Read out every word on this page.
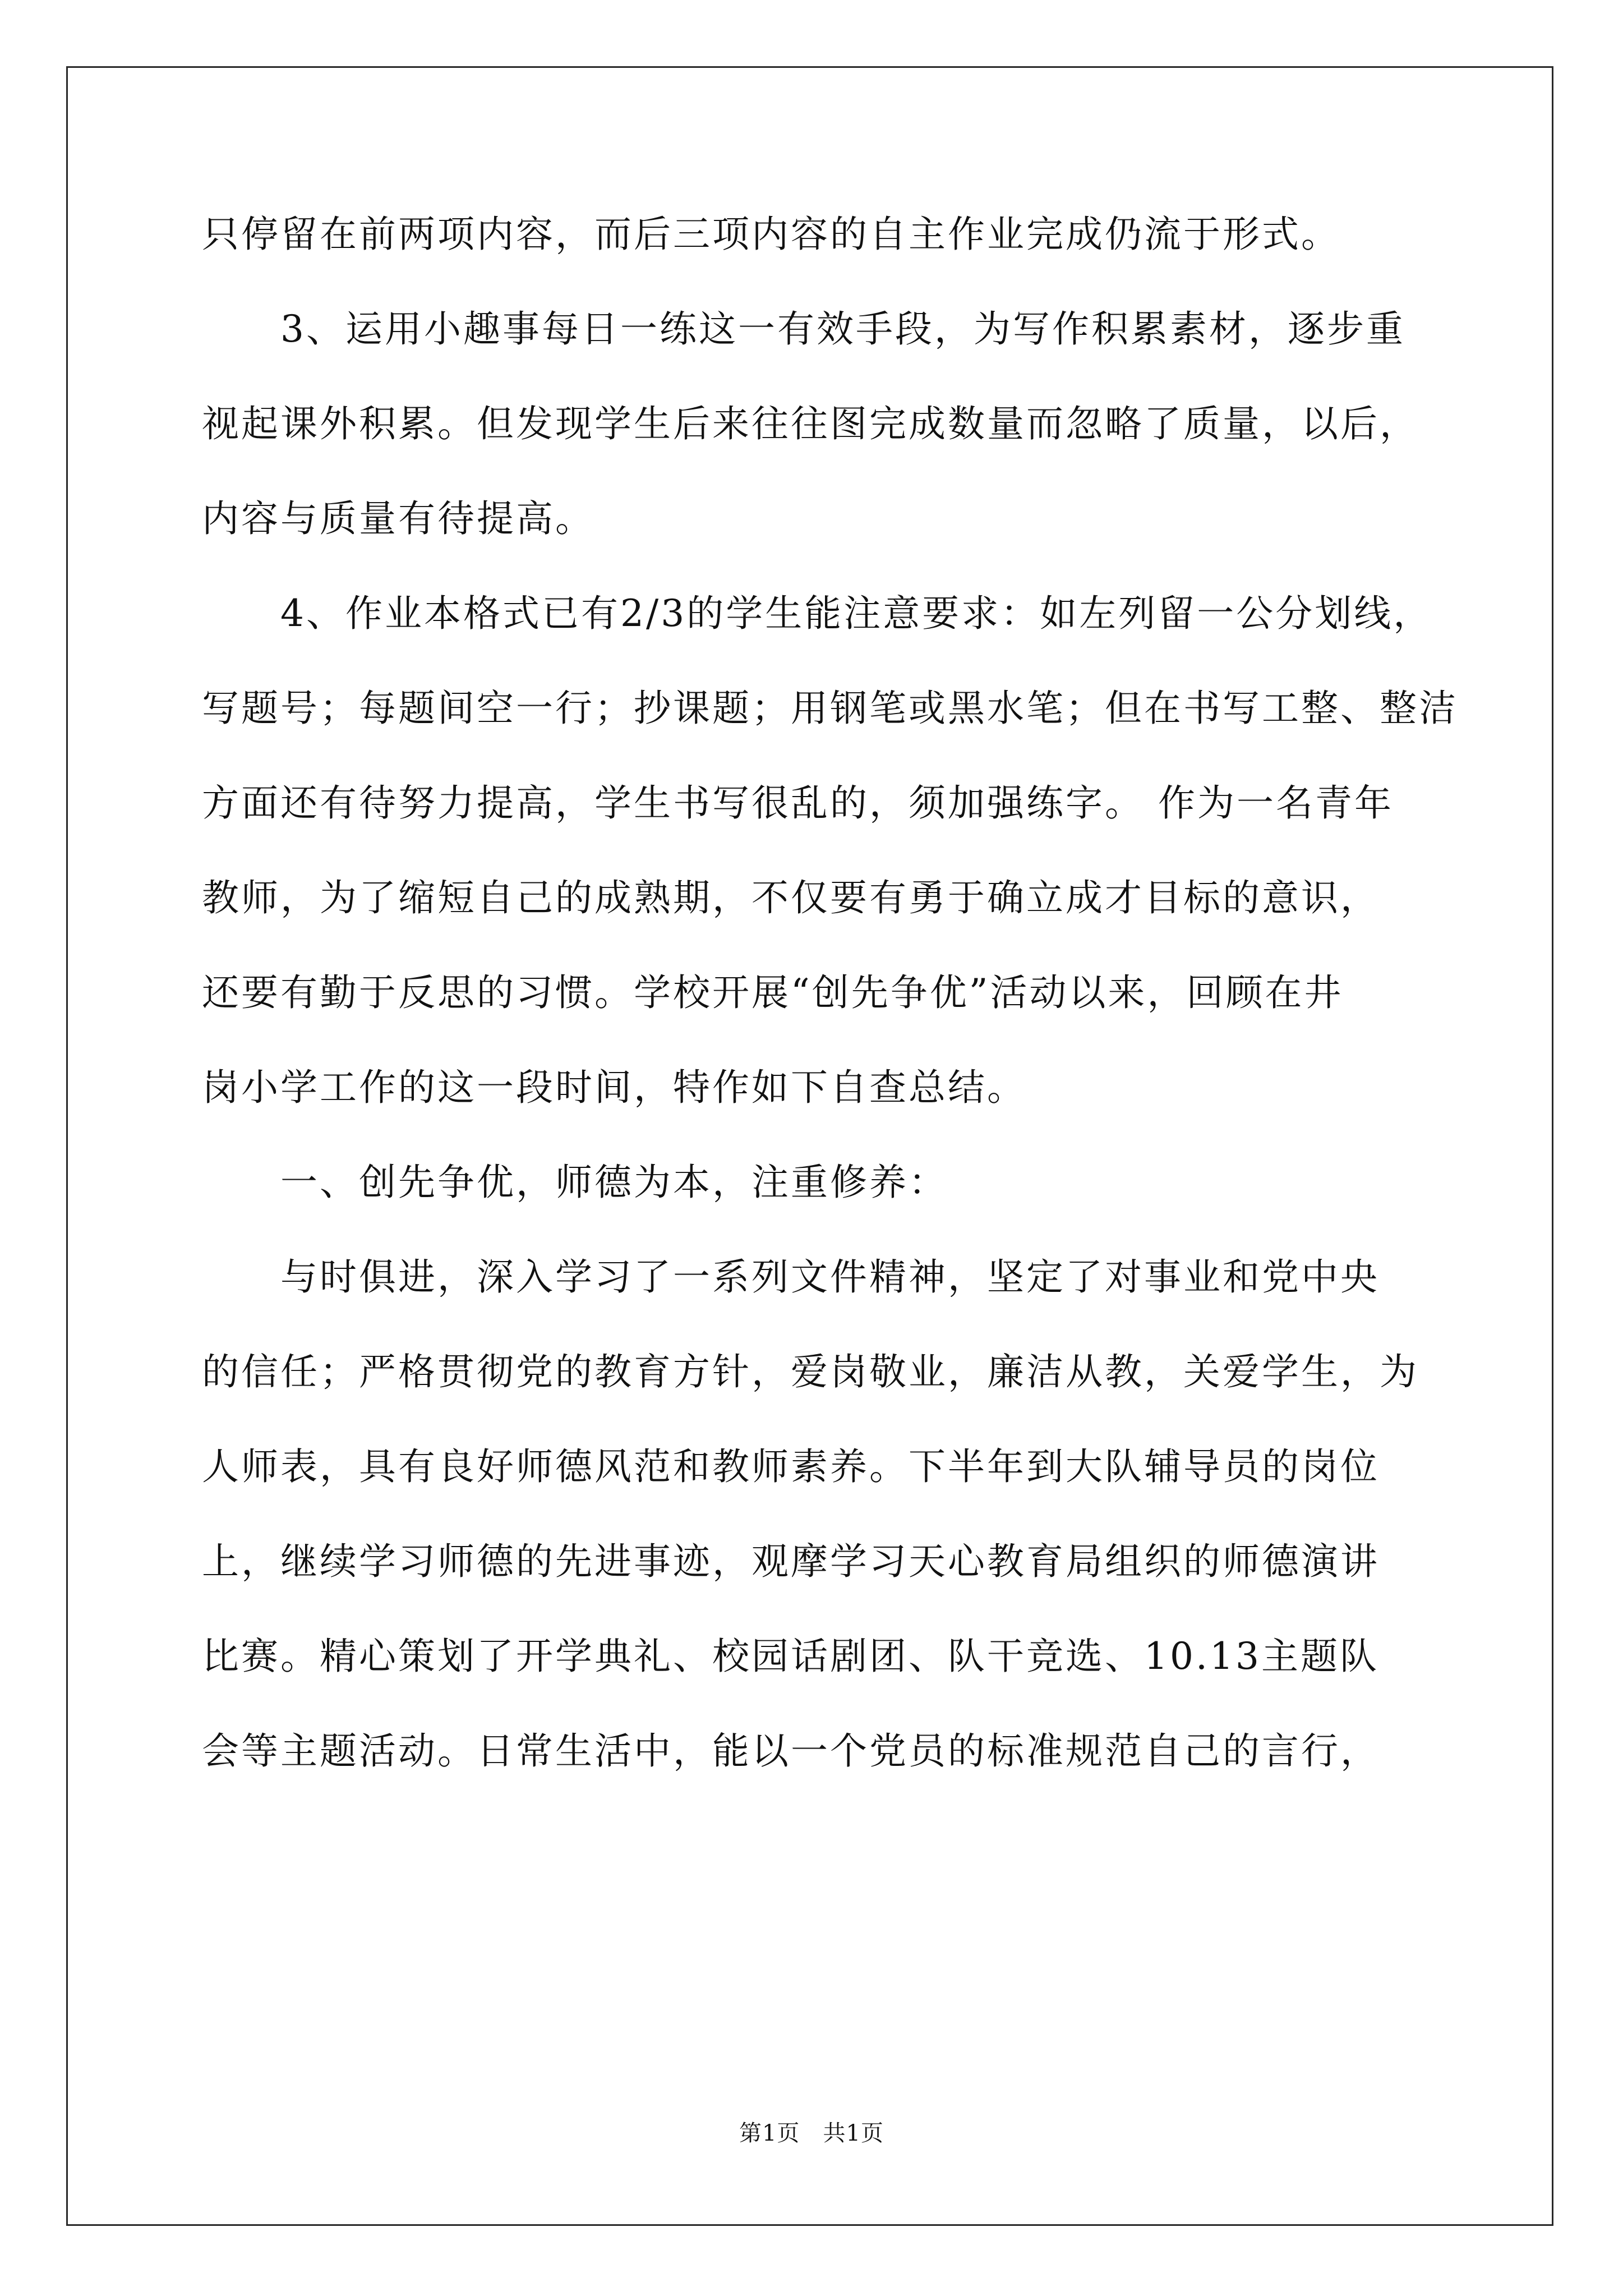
只停留在前两项内容，而后三项内容的自主作业完成仍流于形式。
3、运用小趣事每日一练这一有效手段，为写作积累素材，逐步重
视起课外积累。但发现学生后来往往图完成数量而忽略了质量，以后，
内容与质量有待提高。
4、作业本格式已有2/3的学生能注意要求：如左列留一公分划线，
写题号；每题间空一行；抄课题；用钢笔或黑水笔；但在书写工整、整洁
方面还有待努力提高，学生书写很乱的，须加强练字。 作为一名青年
教师，为了缩短自己的成熟期，不仅要有勇于确立成才目标的意识，
还要有勤于反思的习惯。学校开展“创先争优”活动以来，回顾在井
岗小学工作的这一段时间，特作如下自查总结。
一、创先争优，师德为本，注重修养：
与时俱进，深入学习了一系列文件精神，坚定了对事业和党中央
的信任；严格贯彻党的教育方针，爱岗敬业，廉洁从教，关爱学生，为
人师表，具有良好师德风范和教师素养。下半年到大队辅导员的岗位
上，继续学习师德的先进事迹，观摩学习天心教育局组织的师德演讲
比赛。精心策划了开学典礼、校园话剧团、队干竞选、10.13主题队
会等主题活动。日常生活中，能以一个党员的标准规范自己的言行，
第1页   共1页
